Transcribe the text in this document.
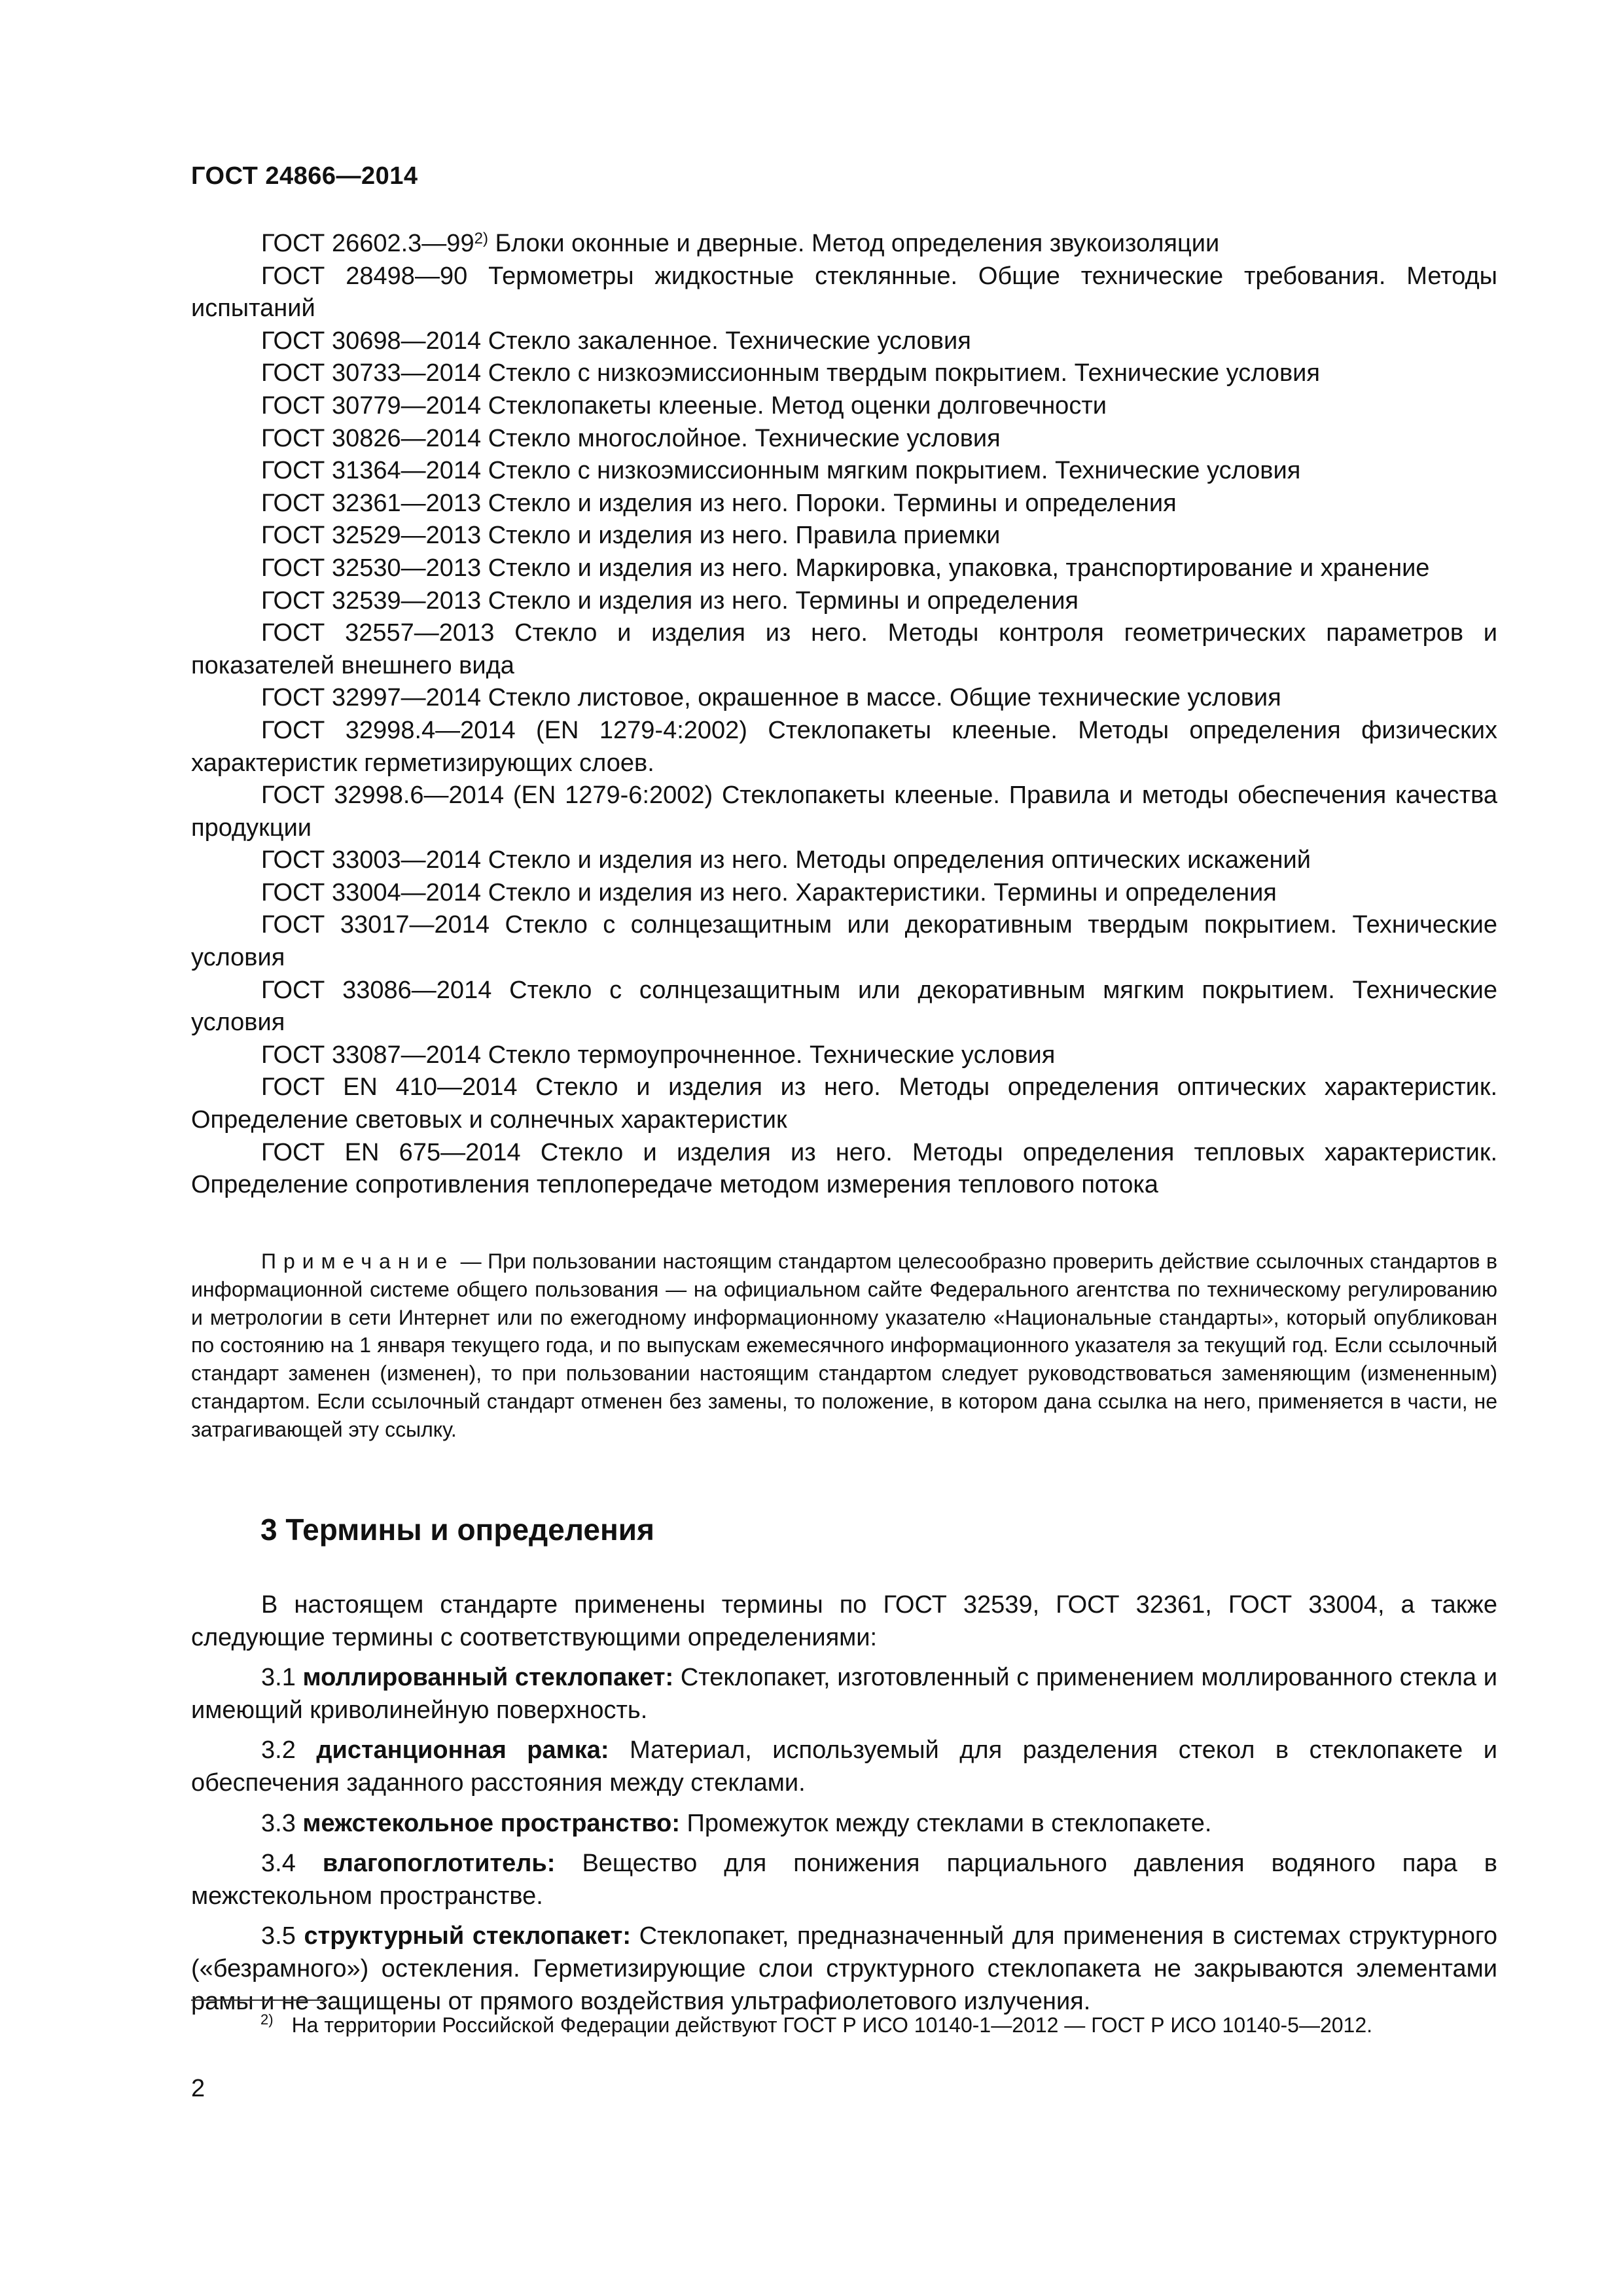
ГОСТ 24866—2014

ГОСТ 26602.3—99$^{2)}$ Блоки оконные и дверные. Метод определения звукоизоляции

ГОСТ 28498—90 Термометры жидкостные стеклянные. Общие технические требования. Методы испытаний

ГОСТ 30698—2014 Стекло закаленное. Технические условия

ГОСТ 30733—2014 Стекло с низкоэмиссионным твердым покрытием. Технические условия

ГОСТ 30779—2014 Стеклопакеты клееные. Метод оценки долговечности

ГОСТ 30826—2014 Стекло многослойное. Технические условия

ГОСТ 31364—2014 Стекло с низкоэмиссионным мягким покрытием. Технические условия

ГОСТ 32361—2013 Стекло и изделия из него. Пороки. Термины и определения

ГОСТ 32529—2013 Стекло и изделия из него. Правила приемки

ГОСТ 32530—2013 Стекло и изделия из него. Маркировка, упаковка, транспортирование и хранение

ГОСТ 32539—2013 Стекло и изделия из него. Термины и определения

ГОСТ 32557—2013 Стекло и изделия из него. Методы контроля геометрических параметров и показателей внешнего вида

ГОСТ 32997—2014 Стекло листовое, окрашенное в массе. Общие технические условия

ГОСТ 32998.4—2014 (EN 1279-4:2002) Стеклопакеты клееные. Методы определения физических характеристик герметизирующих слоев.

ГОСТ 32998.6—2014 (EN 1279-6:2002) Стеклопакеты клееные. Правила и методы обеспечения качества продукции

ГОСТ 33003—2014 Стекло и изделия из него. Методы определения оптических искажений

ГОСТ 33004—2014 Стекло и изделия из него. Характеристики. Термины и определения

ГОСТ 33017—2014 Стекло с солнцезащитным или декоративным твердым покрытием. Технические условия

ГОСТ 33086—2014 Стекло с солнцезащитным или декоративным мягким покрытием. Технические условия

ГОСТ 33087—2014 Стекло термоупрочненное. Технические условия

ГОСТ EN 410—2014 Стекло и изделия из него. Методы определения оптических характеристик. Определение световых и солнечных характеристик

ГОСТ EN 675—2014 Стекло и изделия из него. Методы определения тепловых характеристик. Определение сопротивления теплопередаче методом измерения теплового потока

Примечание — При пользовании настоящим стандартом целесообразно проверить действие ссылочных стандартов в информационной системе общего пользования — на официальном сайте Федерального агентства по техническому регулированию и метрологии в сети Интернет или по ежегодному информационному указателю «Национальные стандарты», который опубликован по состоянию на 1 января текущего года, и по выпускам ежемесячного информационного указателя за текущий год. Если ссылочный стандарт заменен (изменен), то при пользовании настоящим стандартом следует руководствоваться заменяющим (измененным) стандартом. Если ссылочный стандарт отменен без замены, то положение, в котором дана ссылка на него, применяется в части, не затрагивающей эту ссылку.

3 Термины и определения

В настоящем стандарте применены термины по ГОСТ 32539, ГОСТ 32361, ГОСТ 33004, а также следующие термины с соответствующими определениями:

3.1 моллированный стеклопакет: Стеклопакет, изготовленный с применением моллированного стекла и имеющий криволинейную поверхность.

3.2 дистанционная рамка: Материал, используемый для разделения стекол в стеклопакете и обеспечения заданного расстояния между стеклами.

3.3 межстекольное пространство: Промежуток между стеклами в стеклопакете.

3.4 влагопоглотитель: Вещество для понижения парциального давления водяного пара в межстекольном пространстве.

3.5 структурный стеклопакет: Стеклопакет, предназначенный для применения в системах структурного («безрамного») остекления. Герметизирующие слои структурного стеклопакета не закрываются элементами рамы и не защищены от прямого воздействия ультрафиолетового излучения.

$^{2)}$ На территории Российской Федерации действуют ГОСТ Р ИСО 10140-1—2012 — ГОСТ Р ИСО 10140-5—2012.
2
